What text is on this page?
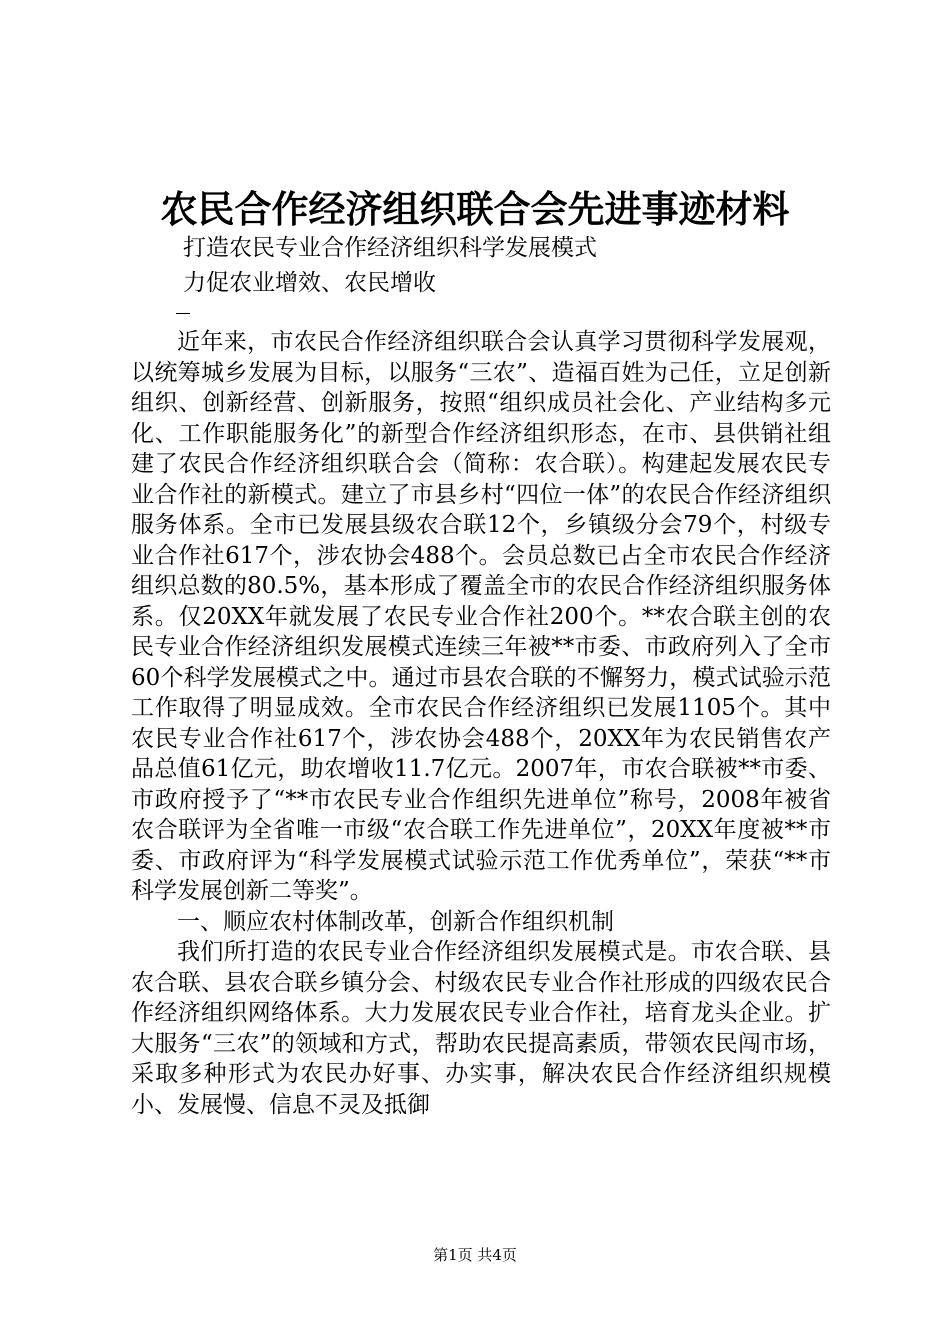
农民合作经济组织联合会先进事迹材料
打造农民专业合作经济组织科学发展模式
力促农业增效、农民增收

近年来，市农民合作经济组织联合会认真学习贯彻科学发展观，以统筹城乡发展为目标，以服务“三农”、造福百姓为己任，立足创新组织、创新经营、创新服务，按照“组织成员社会化、产业结构多元化、工作职能服务化”的新型合作经济组织形态，在市、县供销社组建了农民合作经济组织联合会（简称：农合联）。构建起发展农民专业合作社的新模式。建立了市县乡村“四位一体”的农民合作经济组织服务体系。全市已发展县级农合联12个，乡镇级分会79个，村级专业合作社617个，涉农协会488个。会员总数已占全市农民合作经济组织总数的80.5%，基本形成了覆盖全市的农民合作经济组织服务体系。仅20XX年就发展了农民专业合作社200个。**农合联主创的农民专业合作经济组织发展模式连续三年被**市委、市政府列入了全市60个科学发展模式之中。通过市县农合联的不懈努力，模式试验示范工作取得了明显成效。全市农民合作经济组织已发展1105个。其中农民专业合作社617个，涉农协会488个，20XX年为农民销售农产品总值61亿元，助农增收11.7亿元。2007年，市农合联被**市委、市政府授予了“**市农民专业合作组织先进单位”称号，2008年被省农合联评为全省唯一市级“农合联工作先进单位”，20XX年度被**市委、市政府评为“科学发展模式试验示范工作优秀单位”，荣获“**市科学发展创新二等奖”。

一、顺应农村体制改革，创新合作组织机制

我们所打造的农民专业合作经济组织发展模式是。市农合联、县农合联、县农合联乡镇分会、村级农民专业合作社形成的四级农民合作经济组织网络体系。大力发展农民专业合作社，培育龙头企业。扩大服务“三农”的领域和方式，帮助农民提高素质，带领农民闯市场，采取多种形式为农民办好事、办实事，解决农民合作经济组织规模小、发展慢、信息不灵及抵御

第1页 共4页
